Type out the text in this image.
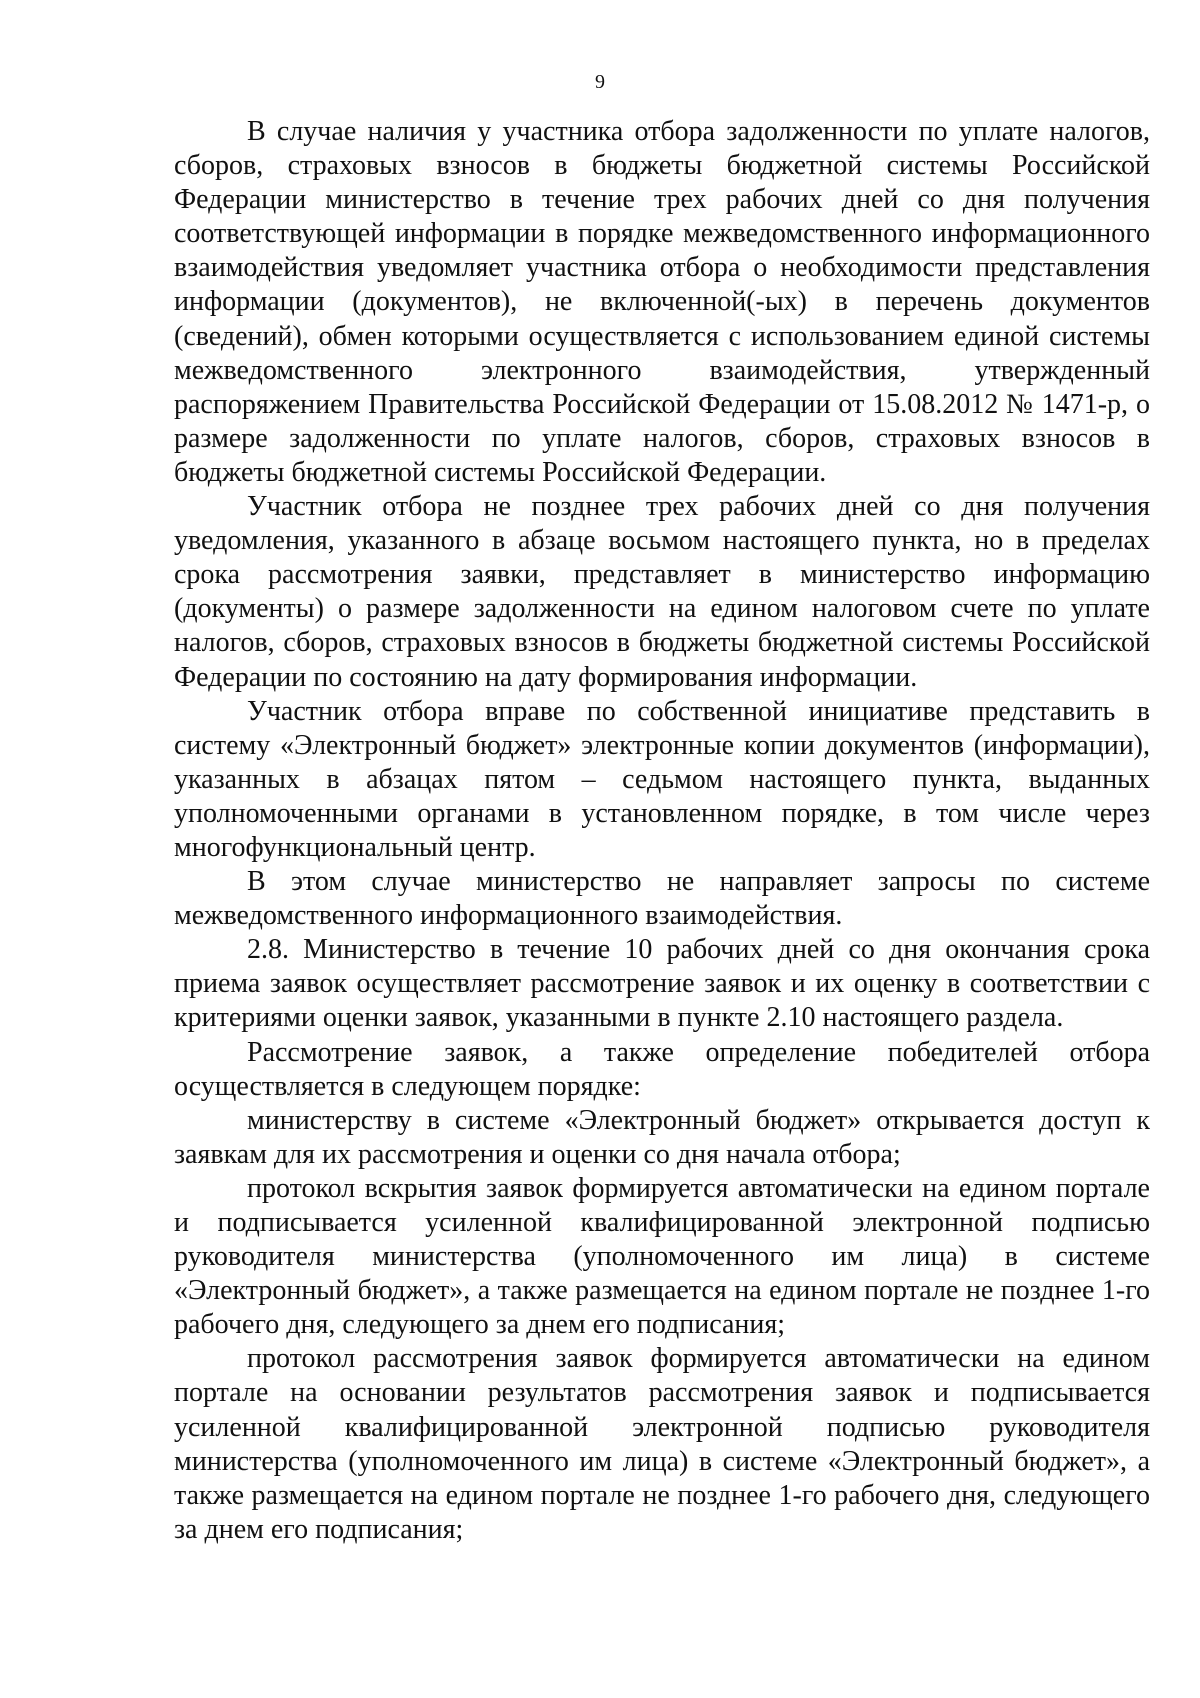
9

В случае наличия у участника отбора задолженности по уплате налогов, сборов, страховых взносов в бюджеты бюджетной системы Российской Федерации министерство в течение трех рабочих дней со дня получения соответствующей информации в порядке межведомственного информационного взаимодействия уведомляет участника отбора о необходимости представления информации (документов), не включенной(-ых) в перечень документов (сведений), обмен которыми осуществляется с использованием единой системы межведомственного электронного взаимодействия, утвержденный распоряжением Правительства Российской Федерации от 15.08.2012 № 1471-р, о размере задолженности по уплате налогов, сборов, страховых взносов в бюджеты бюджетной системы Российской Федерации.

Участник отбора не позднее трех рабочих дней со дня получения уведомления, указанного в абзаце восьмом настоящего пункта, но в пределах срока рассмотрения заявки, представляет в министерство информацию (документы) о размере задолженности на едином налоговом счете по уплате налогов, сборов, страховых взносов в бюджеты бюджетной системы Российской Федерации по состоянию на дату формирования информации.

Участник отбора вправе по собственной инициативе представить в систему «Электронный бюджет» электронные копии документов (информации), указанных в абзацах пятом – седьмом настоящего пункта, выданных уполномоченными органами в установленном порядке, в том числе через многофункциональный центр.

В этом случае министерство не направляет запросы по системе межведомственного информационного взаимодействия.

2.8. Министерство в течение 10 рабочих дней со дня окончания срока приема заявок осуществляет рассмотрение заявок и их оценку в соответствии с критериями оценки заявок, указанными в пункте 2.10 настоящего раздела.

Рассмотрение заявок, а также определение победителей отбора осуществляется в следующем порядке:

министерству в системе «Электронный бюджет» открывается доступ к заявкам для их рассмотрения и оценки со дня начала отбора;

протокол вскрытия заявок формируется автоматически на едином портале и подписывается усиленной квалифицированной электронной подписью руководителя министерства (уполномоченного им лица) в системе «Электронный бюджет», а также размещается на едином портале не позднее 1-го рабочего дня, следующего за днем его подписания;

протокол рассмотрения заявок формируется автоматически на едином портале на основании результатов рассмотрения заявок и подписывается усиленной квалифицированной электронной подписью руководителя министерства (уполномоченного им лица) в системе «Электронный бюджет», а также размещается на едином портале не позднее 1-го рабочего дня, следующего за днем его подписания;
